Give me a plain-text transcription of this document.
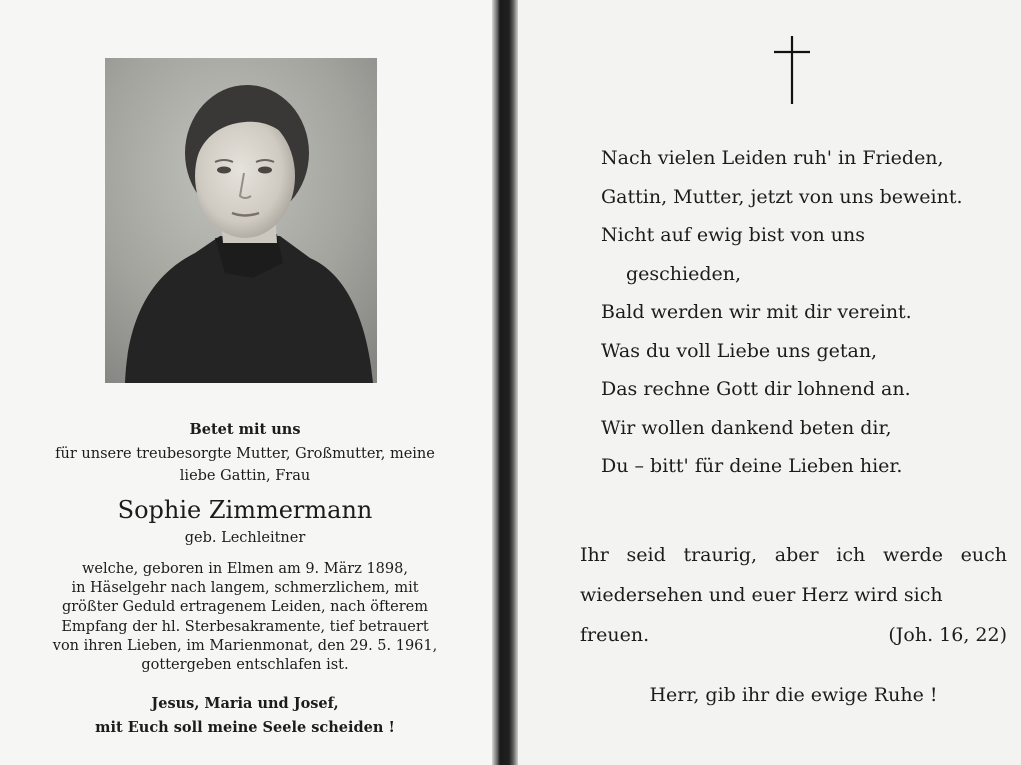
Betet mit uns
für unsere treubesorgte Mutter, Großmutter, meine
liebe Gattin, Frau
Sophie Zimmermann
geb. Lechleitner
welche, geboren in Elmen am 9. März 1898,
in Häselgehr nach langem, schmerzlichem, mit
größter Geduld ertragenem Leiden, nach öfterem
Empfang der hl. Sterbesakramente, tief betrauert
von ihren Lieben, im Marienmonat, den 29. 5. 1961,
gottergeben entschlafen ist.
Jesus, Maria und Josef,
mit Euch soll meine Seele scheiden !
Nach vielen Leiden ruh' in Frieden,
Gattin, Mutter, jetzt von uns beweint.
Nicht auf ewig bist von uns
geschieden,
Bald werden wir mit dir vereint.
Was du voll Liebe uns getan,
Das rechne Gott dir lohnend an.
Wir wollen dankend beten dir,
Du – bitt' für deine Lieben hier.
Ihr seid traurig, aber ich werde euch wiedersehen und euer Herz wird sich
freuen.	(Joh. 16, 22)
Herr, gib ihr die ewige Ruhe !
